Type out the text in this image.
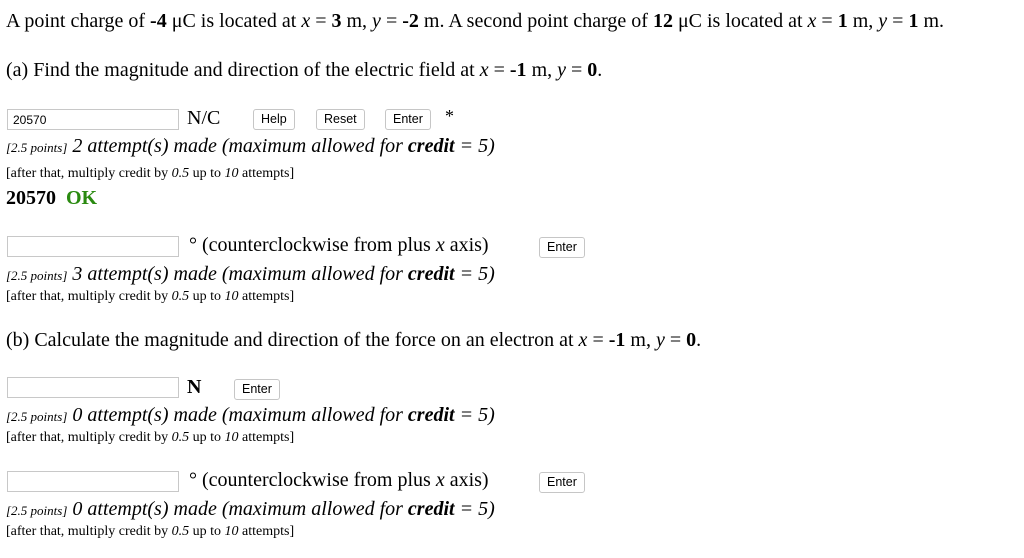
A point charge of -4 μC is located at x = 3 m, y = -2 m. A second point charge of 12 μC is located at x = 1 m, y = 1 m.
(a) Find the magnitude and direction of the electric field at x = -1 m, y = 0.
20570	N/C	Help	Reset	Enter	*
[2.5 points] 2 attempt(s) made (maximum allowed for credit = 5)
[after that, multiply credit by 0.5 up to 10 attempts]
20570 OK
° (counterclockwise from plus x axis)	Enter
[2.5 points] 3 attempt(s) made (maximum allowed for credit = 5)
[after that, multiply credit by 0.5 up to 10 attempts]
(b) Calculate the magnitude and direction of the force on an electron at x = -1 m, y = 0.
N	Enter
[2.5 points] 0 attempt(s) made (maximum allowed for credit = 5)
[after that, multiply credit by 0.5 up to 10 attempts]
° (counterclockwise from plus x axis)	Enter
[2.5 points] 0 attempt(s) made (maximum allowed for credit = 5)
[after that, multiply credit by 0.5 up to 10 attempts]
